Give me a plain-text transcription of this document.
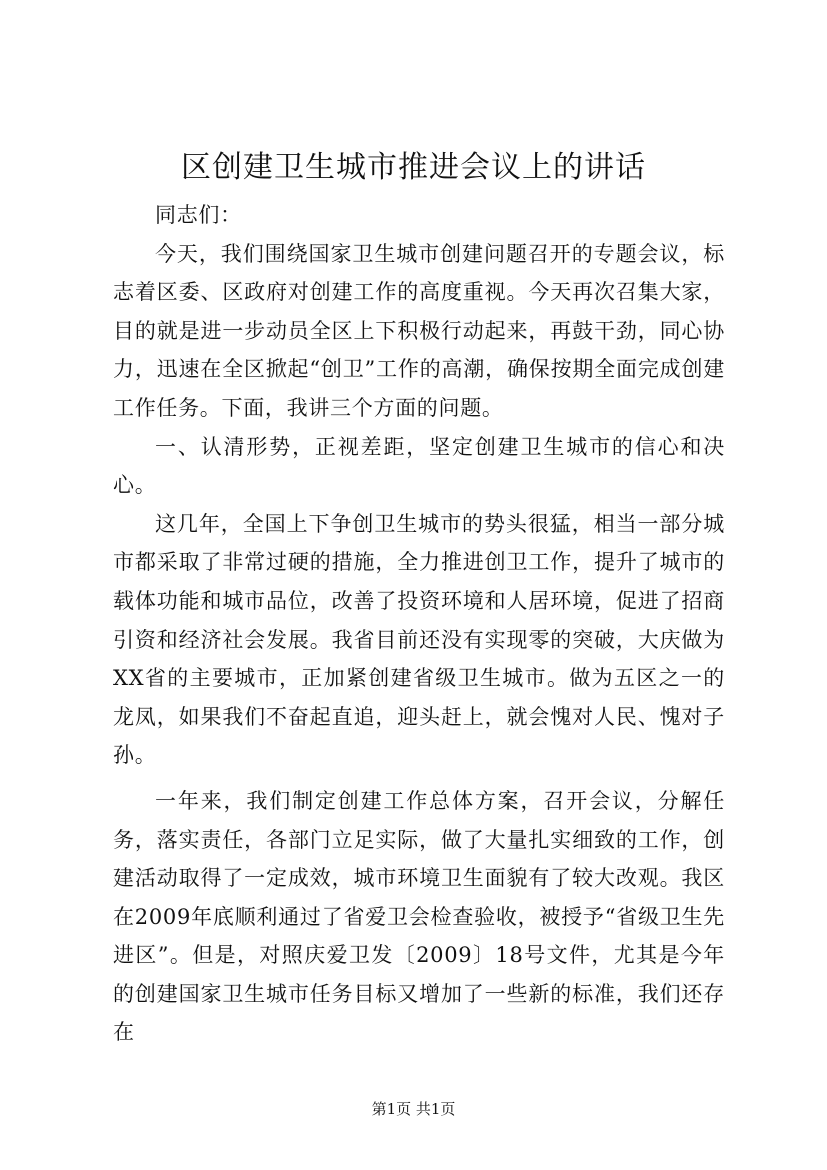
区创建卫生城市推进会议上的讲话

同志们：

今天，我们围绕国家卫生城市创建问题召开的专题会议，标志着区委、区政府对创建工作的高度重视。今天再次召集大家，目的就是进一步动员全区上下积极行动起来，再鼓干劲，同心协力，迅速在全区掀起“创卫”工作的高潮，确保按期全面完成创建工作任务。下面，我讲三个方面的问题。

一、认清形势，正视差距，坚定创建卫生城市的信心和决心。

这几年，全国上下争创卫生城市的势头很猛，相当一部分城市都采取了非常过硬的措施，全力推进创卫工作，提升了城市的载体功能和城市品位，改善了投资环境和人居环境，促进了招商引资和经济社会发展。我省目前还没有实现零的突破，大庆做为XX省的主要城市，正加紧创建省级卫生城市。做为五区之一的龙凤，如果我们不奋起直追，迎头赶上，就会愧对人民、愧对子孙。

一年来，我们制定创建工作总体方案，召开会议，分解任务，落实责任，各部门立足实际，做了大量扎实细致的工作，创建活动取得了一定成效，城市环境卫生面貌有了较大改观。我区在2009年底顺利通过了省爱卫会检查验收，被授予“省级卫生先进区”。但是，对照庆爱卫发〔2009〕18号文件，尤其是今年的创建国家卫生城市任务目标又增加了一些新的标准，我们还存在

第1页 共1页
